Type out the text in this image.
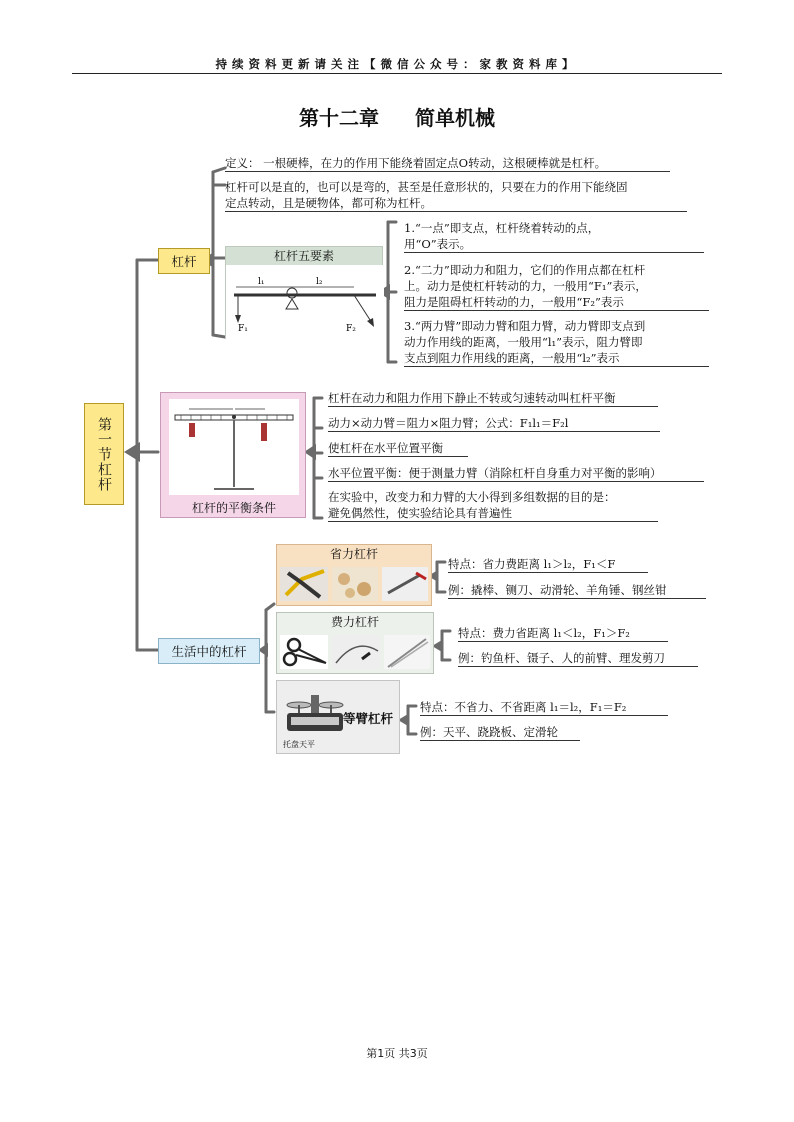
持续资料更新请关注【微信公众号：家教资料库】
第十二章 简单机械
第一节杠杆
杠杆
定义： 一根硬棒，在力的作用下能绕着固定点O转动，这根硬棒就是杠杆。
杠杆可以是直的，也可以是弯的，甚至是任意形状的，只要在力的作用下能绕固
定点转动，且是硬物体，都可称为杠杆。
杠杆五要素
l₁	l₂
F₁	F₂
1.“一点”即支点，杠杆绕着转动的点，
用“O”表示。
2.“二力”即动力和阻力，它们的作用点都在杠杆
上。动力是使杠杆转动的力，一般用“F₁”表示，
阻力是阻碍杠杆转动的力，一般用“F₂”表示
3.“两力臂”即动力臂和阻力臂，动力臂即支点到
动力作用线的距离，一般用“l₁”表示，阻力臂即
支点到阻力作用线的距离，一般用“l₂”表示
杠杆的平衡条件
杠杆在动力和阻力作用下静止不转或匀速转动叫杠杆平衡
动力×动力臂＝阻力×阻力臂；公式：F₁l₁＝F₂l
使杠杆在水平位置平衡
水平位置平衡：便于测量力臂（消除杠杆自身重力对平衡的影响）
在实验中，改变力和力臂的大小得到多组数据的目的是：
避免偶然性，使实验结论具有普遍性
生活中的杠杆
省力杠杆
特点：省力费距离 l₁＞l₂，F₁＜F
例：撬棒、铡刀、动滑轮、羊角锤、钢丝钳
费力杠杆
特点：费力省距离 l₁＜l₂，F₁＞F₂
例：钓鱼杆、镊子、人的前臂、理发剪刀
托盘天平
等臂杠杆
特点：不省力、不省距离 l₁＝l₂，F₁＝F₂
例：天平、跷跷板、定滑轮
第1页 共3页
